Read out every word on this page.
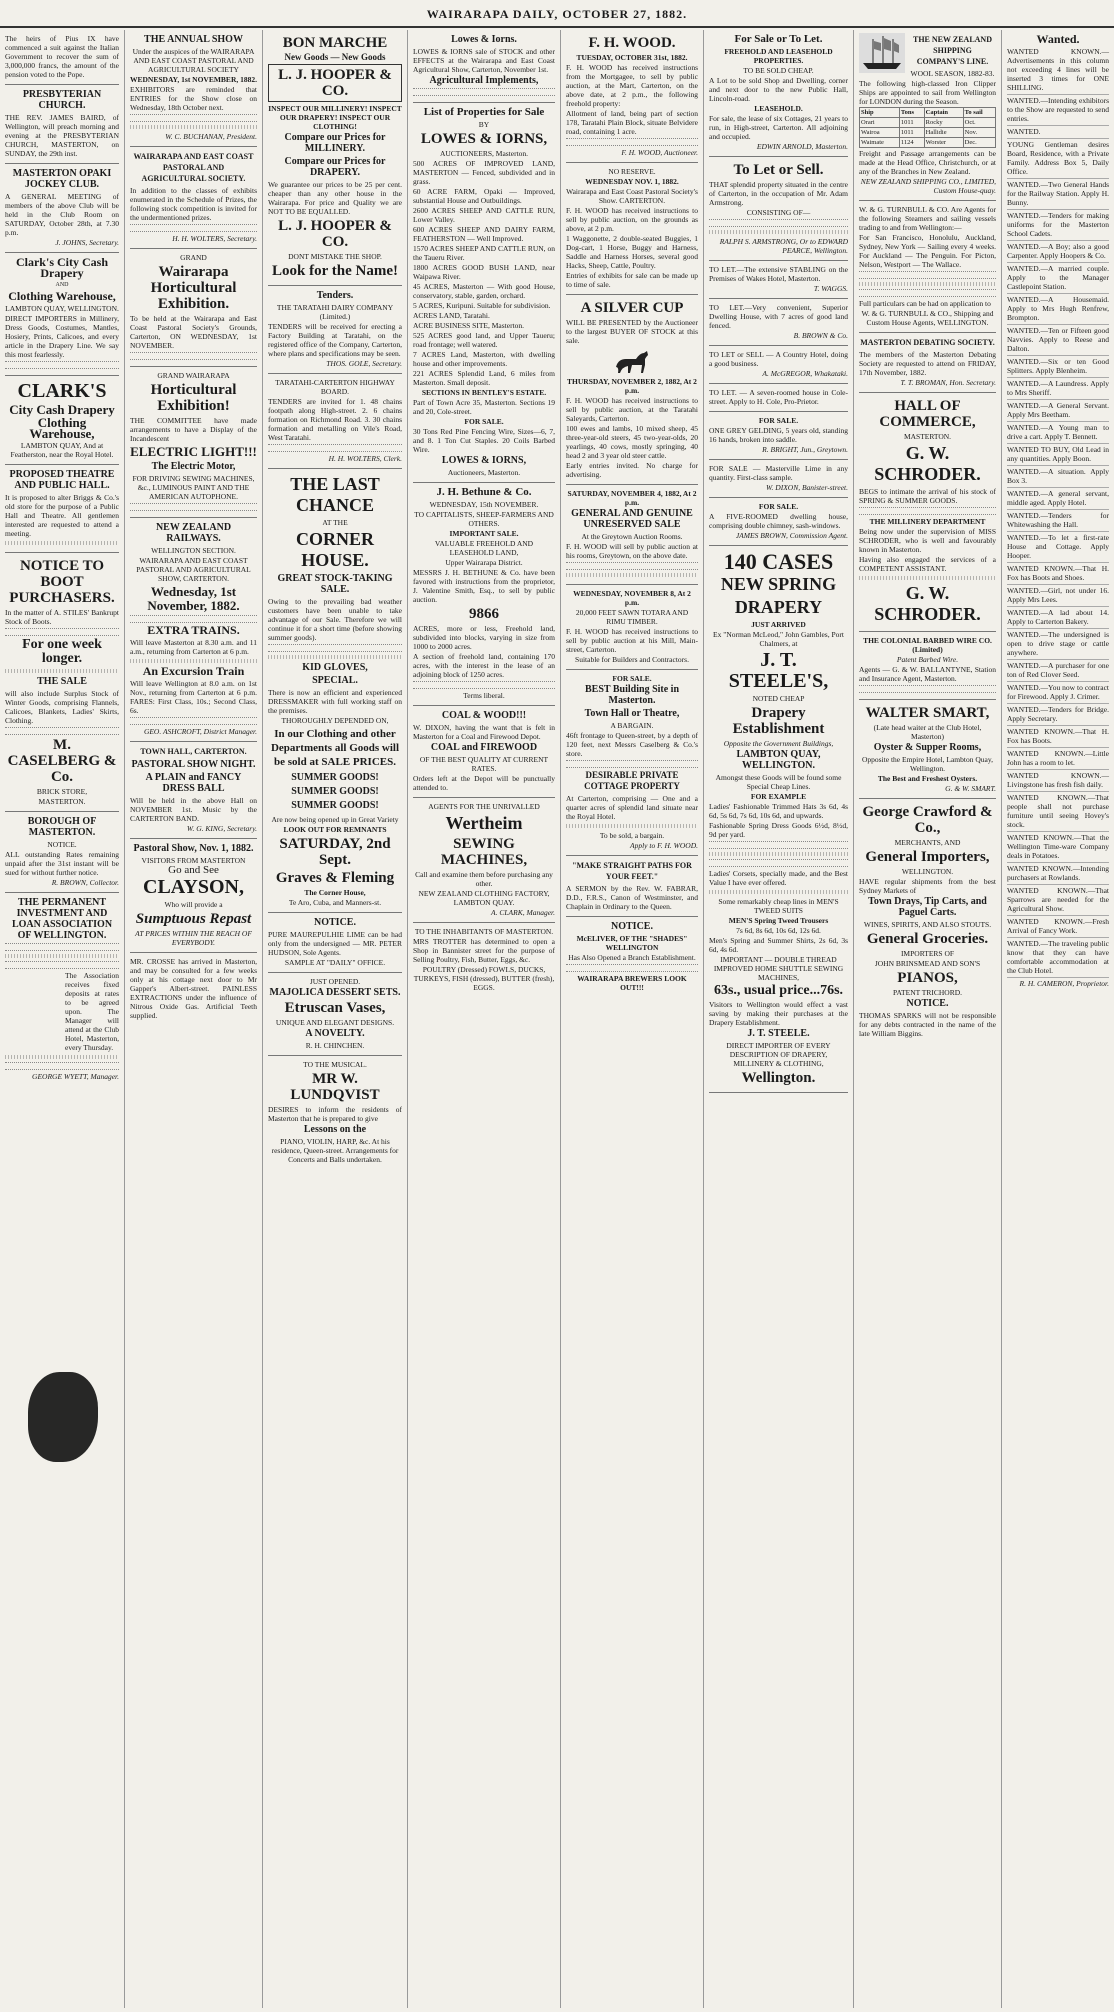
WAIRARAPA DAILY, OCTOBER 27, 1882.

The heirs of Pius IX have commenced a suit against the Italian Government to recover the sum of 3,000,000 francs, the amount of the pension voted to the Pope.

PRESBYTERIAN CHURCH.

THE REV. JAMES BAIRD, of Wellington, will preach morning and evening at the PRESBYTERIAN CHURCH, MASTERTON, on SUNDAY, the 29th inst.

MASTERTON OPAKI JOCKEY CLUB.

A GENERAL MEETING of members of the above Club will be held in the Club Room on SATURDAY, October 28th, at 7.30 p.m.

J. JOHNS, Secretary.

Clark's City Cash Drapery

AND

Clothing Warehouse,

LAMBTON QUAY, WELLINGTON.

DIRECT IMPORTERS in Millinery, Dress Goods, Costumes, Mantles, Hosiery, Prints, Calicoes, and every article in the Drapery Line. We say this most fearlessly.

CLARK'S
City Cash Drapery
Clothing Warehouse,

LAMBTON QUAY, And at Featherston, near the Royal Hotel.

PROPOSED THEATRE AND PUBLIC HALL.

It is proposed to alter Briggs & Co.'s old store for the purpose of a Public Hall and Theatre. All gentlemen interested are requested to attend a meeting.

NOTICE TO BOOT PURCHASERS.

In the matter of A. STILES' Bankrupt Stock of Boots.

For one week longer.
THE SALE

will also include Surplus Stock of Winter Goods, comprising Flannels, Calicoes, Blankets, Ladies' Skirts, Clothing.

M. CASELBERG & Co.

BRICK STORE,

MASTERTON.

BOROUGH OF MASTERTON.

NOTICE.

ALL outstanding Rates remaining unpaid after the 31st instant will be sued for without further notice.

R. BROWN, Collector.

THE PERMANENT INVESTMENT AND LOAN ASSOCIATION OF WELLINGTON.

The Association receives fixed deposits at rates to be agreed upon. The Manager will attend at the Club Hotel, Masterton, every Thursday.

GEORGE WYETT, Manager.

THE ANNUAL SHOW

Under the auspices of the WAIRARAPA AND EAST COAST PASTORAL AND AGRICULTURAL SOCIETY

WEDNESDAY, 1st NOVEMBER, 1882.

EXHIBITORS are reminded that ENTRIES for the Show close on Wednesday, 18th October next.

W. C. BUCHANAN, President.

WAIRARAPA AND EAST COAST PASTORAL AND AGRICULTURAL SOCIETY.

In addition to the classes of exhibits enumerated in the Schedule of Prizes, the following stock competition is invited for the undermentioned prizes.

H. H. WOLTERS, Secretary.

GRAND

Wairarapa Horticultural Exhibition.

To be held at the Wairarapa and East Coast Pastoral Society's Grounds, Carterton, ON WEDNESDAY, 1st NOVEMBER.

GRAND WAIRARAPA

Horticultural Exhibition!

THE COMMITTEE have made arrangements to have a Display of the Incandescent

ELECTRIC LIGHT!!!
The Electric Motor,

FOR DRIVING SEWING MACHINES, &c., LUMINOUS PAINT AND THE AMERICAN AUTOPHONE.

NEW ZEALAND RAILWAYS.

WELLINGTON SECTION.

WAIRARAPA AND EAST COAST PASTORAL AND AGRICULTURAL SHOW, CARTERTON.

Wednesday, 1st November, 1882.
EXTRA TRAINS.

Will leave Masterton at 8.30 a.m. and 11 a.m., returning from Carterton at 6 p.m.

An Excursion Train

Will leave Wellington at 8.0 a.m. on 1st Nov., returning from Carterton at 6 p.m. FARES: First Class, 10s.; Second Class, 6s.

GEO. ASHCROFT, District Manager.

TOWN HALL, CARTERTON.
PASTORAL SHOW NIGHT.
A PLAIN and FANCY DRESS BALL

Will be held in the above Hall on NOVEMBER 1st. Music by the CARTERTON BAND.

W. G. KING, Secretary.

Pastoral Show, Nov. 1, 1882.

VISITORS FROM MASTERTON

Go and See

CLAYSON,

Who will provide a

Sumptuous Repast

AT PRICES WITHIN THE REACH OF EVERYBODY.

MR. CROSSE has arrived in Masterton, and may be consulted for a few weeks only at his cottage next door to Mr Gapper's Albert-street. PAINLESS EXTRACTIONS under the influence of Nitrous Oxide Gas. Artificial Teeth supplied.

BON MARCHE

New Goods — New Goods

L. J. HOOPER & CO.

INSPECT OUR MILLINERY! INSPECT OUR DRAPERY! INSPECT OUR CLOTHING!

Compare our Prices for MILLINERY.
Compare our Prices for DRAPERY.

We guarantee our prices to be 25 per cent. cheaper than any other house in the Wairarapa. For price and Quality we are NOT TO BE EQUALLED.

L. J. HOOPER & CO.

DONT MISTAKE THE SHOP.

Look for the Name!
Tenders.

THE TARATAHI DAIRY COMPANY (Limited.)

TENDERS will be received for erecting a Factory Building at Taratahi, on the registered office of the Company, Carterton, where plans and specifications may be seen.

THOS. GOLE, Secretary.

TARATAHI-CARTERTON HIGHWAY BOARD.

TENDERS are invited for 1. 48 chains footpath along High-street. 2. 6 chains formation on Richmond Road. 3. 30 chains formation and metalling on Vile's Road, West Taratahi.

H. H. WOLTERS, Clerk.

THE LAST CHANCE

AT THE

CORNER HOUSE.
GREAT STOCK-TAKING SALE.

Owing to the prevailing bad weather customers have been unable to take advantage of our Sale. Therefore we will continue it for a short time (before showing summer goods).

KID GLOVES,
SPECIAL.

There is now an efficient and experienced DRESSMAKER with full working staff on the premises.

THOROUGHLY DEPENDED ON,

In our Clothing and other Departments all Goods will be sold at SALE PRICES.
SUMMER GOODS! SUMMER GOODS! SUMMER GOODS!

Are now being opened up in Great Variety

LOOK OUT FOR REMNANTS

SATURDAY, 2nd Sept.
Graves & Fleming

The Corner House,

Te Aro, Cuba, and Manners-st.

NOTICE.

PURE MAUREPULHIE LIME can be had only from the undersigned — MR. PETER HUDSON, Sole Agents.

SAMPLE AT "DAILY" OFFICE.

JUST OPENED.

MAJOLICA DESSERT SETS.
Etruscan Vases,

UNIQUE AND ELEGANT DESIGNS.

A NOVELTY.

R. H. CHINCHEN.

TO THE MUSICAL.

MR W. LUNDQVIST

DESIRES to inform the residents of Masterton that he is prepared to give

Lessons on the

PIANO, VIOLIN, HARP, &c. At his residence, Queen-street. Arrangements for Concerts and Balls undertaken.

Lowes & Iorns.

LOWES & IORNS sale of STOCK and other EFFECTS at the Wairarapa and East Coast Agricultural Show, Carterton, November 1st.

Agricultural Implements,
List of Properties for Sale

BY

LOWES & IORNS,

AUCTIONEERS, Masterton.

500 ACRES OF IMPROVED LAND, MASTERTON — Fenced, subdivided and in grass.

60 ACRE FARM, Opaki — Improved, substantial House and Outbuildings.

2600 ACRES SHEEP AND CATTLE RUN, Lower Valley.

600 ACRES SHEEP AND DAIRY FARM, FEATHERSTON — Well Improved.

1570 ACRES SHEEP AND CATTLE RUN, on the Taueru River.

1800 ACRES GOOD BUSH LAND, near Waipawa River.

45 ACRES, Masterton — With good House, conservatory, stable, garden, orchard.

5 ACRES, Kuripuni. Suitable for subdivision.

ACRES LAND, Taratahi.

ACRE BUSINESS SITE, Masterton.

525 ACRES good land, and Upper Taueru; road frontage; well watered.

7 ACRES Land, Masterton, with dwelling house and other improvements.

221 ACRES Splendid Land, 6 miles from Masterton. Small deposit.

SECTIONS IN BENTLEY'S ESTATE.

Part of Town Acre 35, Masterton. Sections 19 and 20, Cole-street.

FOR SALE.

30 Tons Red Pine Fencing Wire, Sizes—6, 7, and 8. 1 Ton Cut Staples. 20 Coils Barbed Wire.

LOWES & IORNS,

Auctioneers, Masterton.

J. H. Bethune & Co.

WEDNESDAY, 15th NOVEMBER.

TO CAPITALISTS, SHEEP-FARMERS AND OTHERS.

IMPORTANT SALE.

VALUABLE FREEHOLD AND LEASEHOLD LAND,

Upper Wairarapa District.

MESSRS J. H. BETHUNE & Co. have been favored with instructions from the proprietor, J. Valentine Smith, Esq., to sell by public auction.

9866

ACRES, more or less, Freehold land, subdivided into blocks, varying in size from 1000 to 2000 acres.

A section of freehold land, containing 170 acres, with the interest in the lease of an adjoining block of 1250 acres.

Terms liberal.

COAL & WOOD!!!

W. DIXON, having the want that is felt in Masterton for a Coal and Firewood Depot.

COAL and FIREWOOD

OF THE BEST QUALITY AT CURRENT RATES.

Orders left at the Depot will be punctually attended to.

AGENTS FOR THE UNRIVALLED

Wertheim
SEWING MACHINES,

Call and examine them before purchasing any other.

NEW ZEALAND CLOTHING FACTORY, LAMBTON QUAY.

A. CLARK, Manager.

TO THE INHABITANTS OF MASTERTON.

MRS TROTTER has determined to open a Shop in Bannister street for the purpose of Selling Poultry, Fish, Butter, Eggs, &c.

POULTRY (Dressed) FOWLS, DUCKS, TURKEYS, FISH (dressed), BUTTER (fresh), EGGS.

F. H. WOOD.

TUESDAY, OCTOBER 31st, 1882.

F. H. WOOD has received instructions from the Mortgagee, to sell by public auction, at the Mart, Carterton, on the above date, at 2 p.m., the following freehold property:

Allotment of land, being part of section 178, Taratahi Plain Block, situate Belvidere road, containing 1 acre.

F. H. WOOD, Auctioneer.

NO RESERVE.

WEDNESDAY NOV. 1, 1882.

Wairarapa and East Coast Pastoral Society's Show. CARTERTON.

F. H. WOOD has received instructions to sell by public auction, on the grounds as above, at 2 p.m.

1 Waggonette, 2 double-seated Buggies, 1 Dog-cart, 1 Horse, Buggy and Harness, Saddle and Harness Horses, several good Hacks, Sheep, Cattle, Poultry.

Entries of exhibits for sale can be made up to time of sale.

A SILVER CUP

WILL BE PRESENTED by the Auctioneer to the largest BUYER OF STOCK at this sale.

THURSDAY, NOVEMBER 2, 1882, At 2 p.m.

F. H. WOOD has received instructions to sell by public auction, at the Taratahi Saleyards, Carterton.

100 ewes and lambs, 10 mixed sheep, 45 three-year-old steers, 45 two-year-olds, 20 yearlings, 40 cows, mostly springing, 40 head 2 and 3 year old steer cattle.

Early entries invited. No charge for advertising.

SATURDAY, NOVEMBER 4, 1882, At 2 p.m.

GENERAL AND GENUINE UNRESERVED SALE

At the Greytown Auction Rooms.

F. H. WOOD will sell by public auction at his rooms, Greytown, on the above date.

WEDNESDAY, NOVEMBER 8, At 2 p.m.

20,000 FEET SAWN TOTARA AND RIMU TIMBER.

F. H. WOOD has received instructions to sell by public auction at his Mill, Main-street, Carterton.

Suitable for Builders and Contractors.

FOR SALE.

BEST Building Site in Masterton.
Town Hall or Theatre,

A BARGAIN.

46ft frontage to Queen-street, by a depth of 120 feet, next Messrs Caselberg & Co.'s store.

DESIRABLE PRIVATE COTTAGE PROPERTY

At Carterton, comprising — One and a quarter acres of splendid land situate near the Royal Hotel.

To be sold, a bargain.

Apply to F. H. WOOD.

"MAKE STRAIGHT PATHS FOR YOUR FEET."

A SERMON by the Rev. W. FABRAR, D.D., F.R.S., Canon of Westminster, and Chaplain in Ordinary to the Queen.

NOTICE.

McELIVER, OF THE "SHADES" WELLINGTON

Has Also Opened a Branch Establishment.

WAIRARAPA BREWERS LOOK OUT!!!

For Sale or To Let.

FREEHOLD AND LEASEHOLD PROPERTIES.

TO BE SOLD CHEAP.

A Lot to be sold Shop and Dwelling, corner and next door to the new Public Hall, Lincoln-road.

LEASEHOLD.

For sale, the lease of six Cottages, 21 years to run, in High-street, Carterton. All adjoining and occupied.

EDWIN ARNOLD, Masterton.

To Let or Sell.

THAT splendid property situated in the centre of Carterton, in the occupation of Mr. Adam Armstrong.

CONSISTING OF—

RALPH S. ARMSTRONG, Or to EDWARD PEARCE, Wellington.

TO LET.—The extensive STABLING on the Premises of Wakes Hotel, Masterton.

T. WAGGS.

TO LET.—Very convenient, Superior Dwelling House, with 7 acres of good land fenced.

B. BROWN & Co.

TO LET or SELL — A Country Hotel, doing a good business.

A. McGREGOR, Whakataki.

TO LET. — A seven-roomed house in Cole-street. Apply to H. Cole, Pro-Prietor.

FOR SALE.

ONE GREY GELDING, 5 years old, standing 16 hands, broken into saddle.

R. BRIGHT, Jun., Greytown.

FOR SALE — Masterville Lime in any quantity. First-class sample.

W. DIXON, Banister-street.

FOR SALE.

A FIVE-ROOMED dwelling house, comprising double chimney, sash-windows.

JAMES BROWN, Commission Agent.

140 CASES
NEW SPRING
DRAPERY

JUST ARRIVED

Ex "Norman McLeod," John Gambles, Port Chalmers, at

J. T. STEELE'S,

NOTED CHEAP

Drapery Establishment

Opposite the Government Buildings,

LAMBTON QUAY, WELLINGTON.

Amongst these Goods will be found some Special Cheap Lines.

FOR EXAMPLE

Ladies' Fashionable Trimmed Hats 3s 6d, 4s 6d, 5s 6d, 7s 6d, 10s 6d, and upwards.

Fashionable Spring Dress Goods 6½d, 8½d, 9d per yard.

Ladies' Corsets, specially made, and the Best Value I have ever offered.

Some remarkably cheap lines in MEN'S TWEED SUITS

MEN'S Spring Tweed Trousers

7s 6d, 8s 6d, 10s 6d, 12s 6d.

Men's Spring and Summer Shirts, 2s 6d, 3s 6d, 4s 6d.

IMPORTANT — DOUBLE THREAD IMPROVED HOME SHUTTLE SEWING MACHINES,

63s., usual price...76s.

Visitors to Wellington would effect a vast saving by making their purchases at the Drapery Establishment.

J. T. STEELE.

DIRECT IMPORTER OF EVERY DESCRIPTION OF DRAPERY, MILLINERY & CLOTHING,

Wellington.
THE NEW ZEALAND SHIPPING COMPANY'S LINE.

WOOL SEASON, 1882-83.

The following high-classed Iron Clipper Ships are appointed to sail from Wellington for LONDON during the Season.

Ship	Tons	Captain	To sail
Orari	1011	Rocky	Oct.
Wairoa	1011	Hallidie	Nov.
Waimate	1124	Worster	Dec.

Freight and Passage arrangements can be made at the Head Office, Christchurch, or at any of the Branches in New Zealand.

NEW ZEALAND SHIPPING CO., LIMITED, Custom House-quay.

W. & G. TURNBULL & CO. Are Agents for the following Steamers and sailing vessels trading to and from Wellington:—

For San Francisco, Honolulu, Auckland, Sydney, New York — Sailing every 4 weeks. For Auckland — The Penguin. For Picton, Nelson, Westport — The Wallace.

Full particulars can be had on application to

W. & G. TURNBULL & CO., Shipping and Custom House Agents, WELLINGTON.

MASTERTON DEBATING SOCIETY.

The members of the Masterton Debating Society are requested to attend on FRIDAY, 17th November, 1882.

T. T. BROMAN, Hon. Secretary.

HALL OF COMMERCE,

MASTERTON.

G. W. SCHRODER.

BEGS to intimate the arrival of his stock of SPRING & SUMMER GOODS.

THE MILLINERY DEPARTMENT

Being now under the supervision of MISS SCHRODER, who is well and favourably known in Masterton.

Having also engaged the services of a COMPETENT ASSISTANT.

G. W. SCHRODER.

THE COLONIAL BARBED WIRE CO. (Limited)

Patent Barbed Wire.

Agents — G. & W. BALLANTYNE, Station and Insurance Agent, Masterton.

WALTER SMART,

(Late head waiter at the Club Hotel, Masterton)

Oyster & Supper Rooms,

Opposite the Empire Hotel, Lambton Quay, Wellington.

The Best and Freshest Oysters.

G. & W. SMART.

George Crawford & Co.,

MERCHANTS, AND

General Importers,

WELLINGTON.

HAVE regular shipments from the best Sydney Markets of

Town Drays, Tip Carts, and Paguel Carts.

WINES, SPIRITS, AND ALSO STOUTS.

General Groceries.

IMPORTERS OF

JOHN BRINSMEAD AND SON'S

PIANOS,

PATENT TRICHORD.

NOTICE.

THOMAS SPARKS will not be responsible for any debts contracted in the name of the late William Biggins.

Wanted.

WANTED KNOWN.—Advertisements in this column not exceeding 4 lines will be inserted 3 times for ONE SHILLING.

WANTED.—Intending exhibitors to the Show are requested to send entries.

WANTED.

YOUNG Gentleman desires Board, Residence, with a Private Family. Address Box 5, Daily Office.

WANTED.—Two General Hands for the Railway Station. Apply H. Bunny.

WANTED.—Tenders for making uniforms for the Masterton School Cadets.

WANTED.—A Boy; also a good Carpenter. Apply Hoopers & Co.

WANTED.—A married couple. Apply to the Manager Castlepoint Station.

WANTED.—A Housemaid. Apply to Mrs Hugh Renfrew, Brompton.

WANTED.—Ten or Fifteen good Navvies. Apply to Reese and Dalton.

WANTED.—Six or ten Good Splitters. Apply Blenheim.

WANTED.—A Laundress. Apply to Mrs Sheriff.

WANTED.—A General Servant. Apply Mrs Beetham.

WANTED.—A Young man to drive a cart. Apply T. Bennett.

WANTED TO BUY, Old Lead in any quantities. Apply Boon.

WANTED.—A situation. Apply Box 3.

WANTED.—A general servant, middle aged. Apply Hotel.

WANTED.—Tenders for Whitewashing the Hall.

WANTED.—To let a first-rate House and Cottage. Apply Hooper.

WANTED KNOWN.—That H. Fox has Boots and Shoes.

WANTED.—Girl, not under 16. Apply Mrs Lees.

WANTED.—A lad about 14. Apply to Carterton Bakery.

WANTED.—The undersigned is open to drive stage or cattle anywhere.

WANTED.—A purchaser for one ton of Red Clover Seed.

WANTED.—You now to contract for Firewood. Apply J. Crimer.

WANTED.—Tenders for Bridge. Apply Secretary.

WANTED KNOWN.—That H. Fox has Boots.

WANTED KNOWN.—Little John has a room to let.

WANTED KNOWN.—Livingstone has fresh fish daily.

WANTED KNOWN.—That people shall not purchase furniture until seeing Hovey's stock.

WANTED KNOWN.—That the Wellington Time-ware Company deals in Potatoes.

WANTED KNOWN.—Intending purchasers at Rowlands.

WANTED KNOWN.—That Sparrows are needed for the Agricultural Show.

WANTED KNOWN.—Fresh Arrival of Fancy Work.

WANTED.—The traveling public know that they can have comfortable accommodation at the Club Hotel.

R. H. CAMERON, Proprietor.
